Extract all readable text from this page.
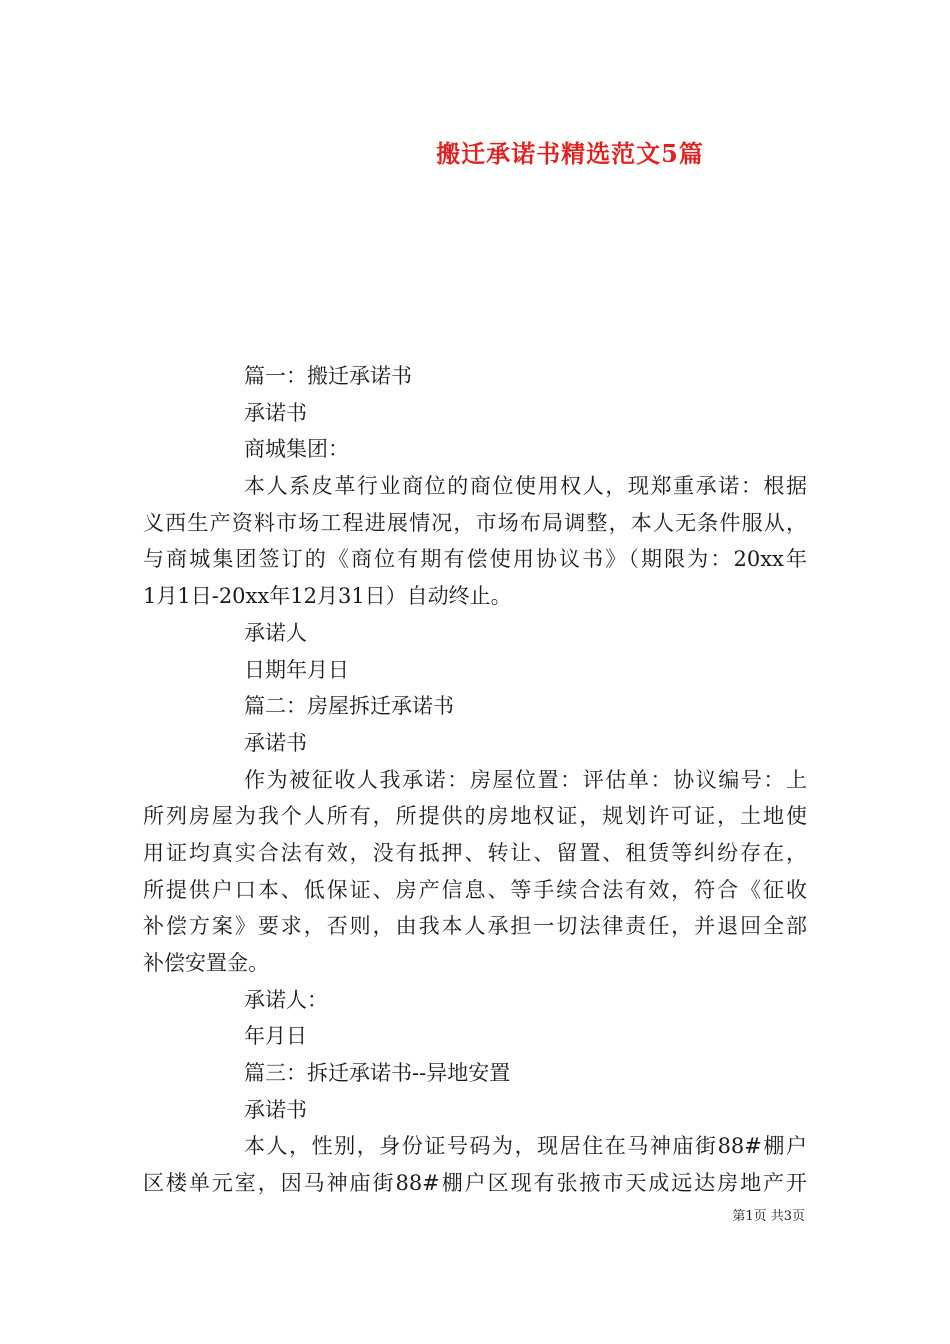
搬迁承诺书精选范文5篇
篇一：搬迁承诺书
承诺书
商城集团：
本人系皮革行业商位的商位使用权人，现郑重承诺：根据
义西生产资料市场工程进展情况，市场布局调整，本人无条件服从，
与商城集团签订的《商位有期有偿使用协议书》（期限为：20xx年
1月1日-20xx年12月31日）自动终止。
承诺人
日期年月日
篇二：房屋拆迁承诺书
承诺书
作为被征收人我承诺：房屋位置：评估单：协议编号：上
所列房屋为我个人所有，所提供的房地权证，规划许可证，土地使
用证均真实合法有效，没有抵押、转让、留置、租赁等纠纷存在，
所提供户口本、低保证、房产信息、等手续合法有效，符合《征收
补偿方案》要求，否则，由我本人承担一切法律责任，并退回全部
补偿安置金。
承诺人：
年月日
篇三：拆迁承诺书--异地安置
承诺书
本人，性别，身份证号码为，现居住在马神庙街88#棚户
区楼单元室，因马神庙街88#棚户区现有张掖市天成远达房地产开
第1页 共3页
